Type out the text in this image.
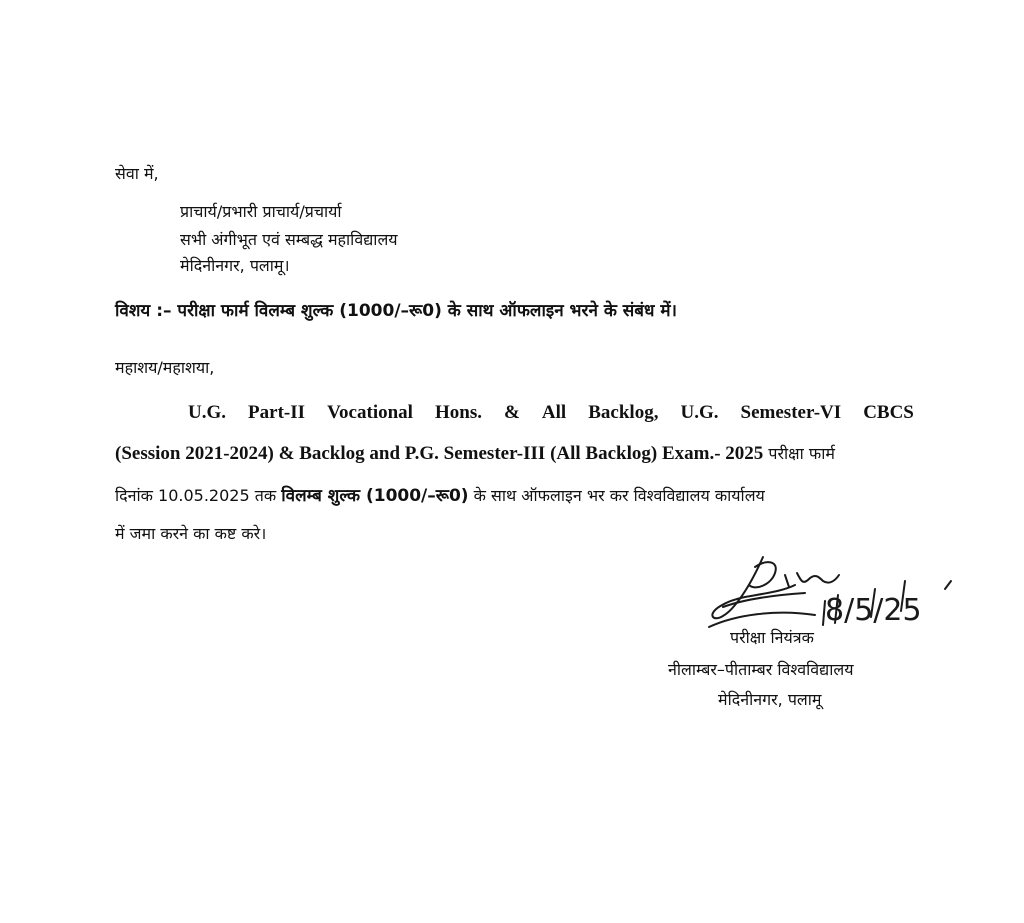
सेवा में,
प्राचार्य/प्रभारी प्राचार्य/प्रचार्या
सभी अंगीभूत एवं सम्बद्ध महाविद्यालय
मेदिनीनगर, पलामू।
विशय :– परीक्षा फार्म विलम्ब शुल्क (1000/–रू0) के साथ ऑफलाइन भरने के संबंध में।
महाशय/महाशया,
U.G. Part-II Vocational Hons. & All Backlog, U.G. Semester-VI CBCS
(Session 2021-2024) & Backlog and P.G. Semester-III (All Backlog) Exam.- 2025 परीक्षा फार्म
दिनांक 10.05.2025 तक विलम्ब शुल्क (1000/–रू0) के साथ ऑफलाइन भर कर विश्वविद्यालय कार्यालय
में जमा करने का कष्ट करे।
8/5/25
परीक्षा नियंत्रक
नीलाम्बर–पीताम्बर विश्वविद्यालय
मेदिनीनगर, पलामू
